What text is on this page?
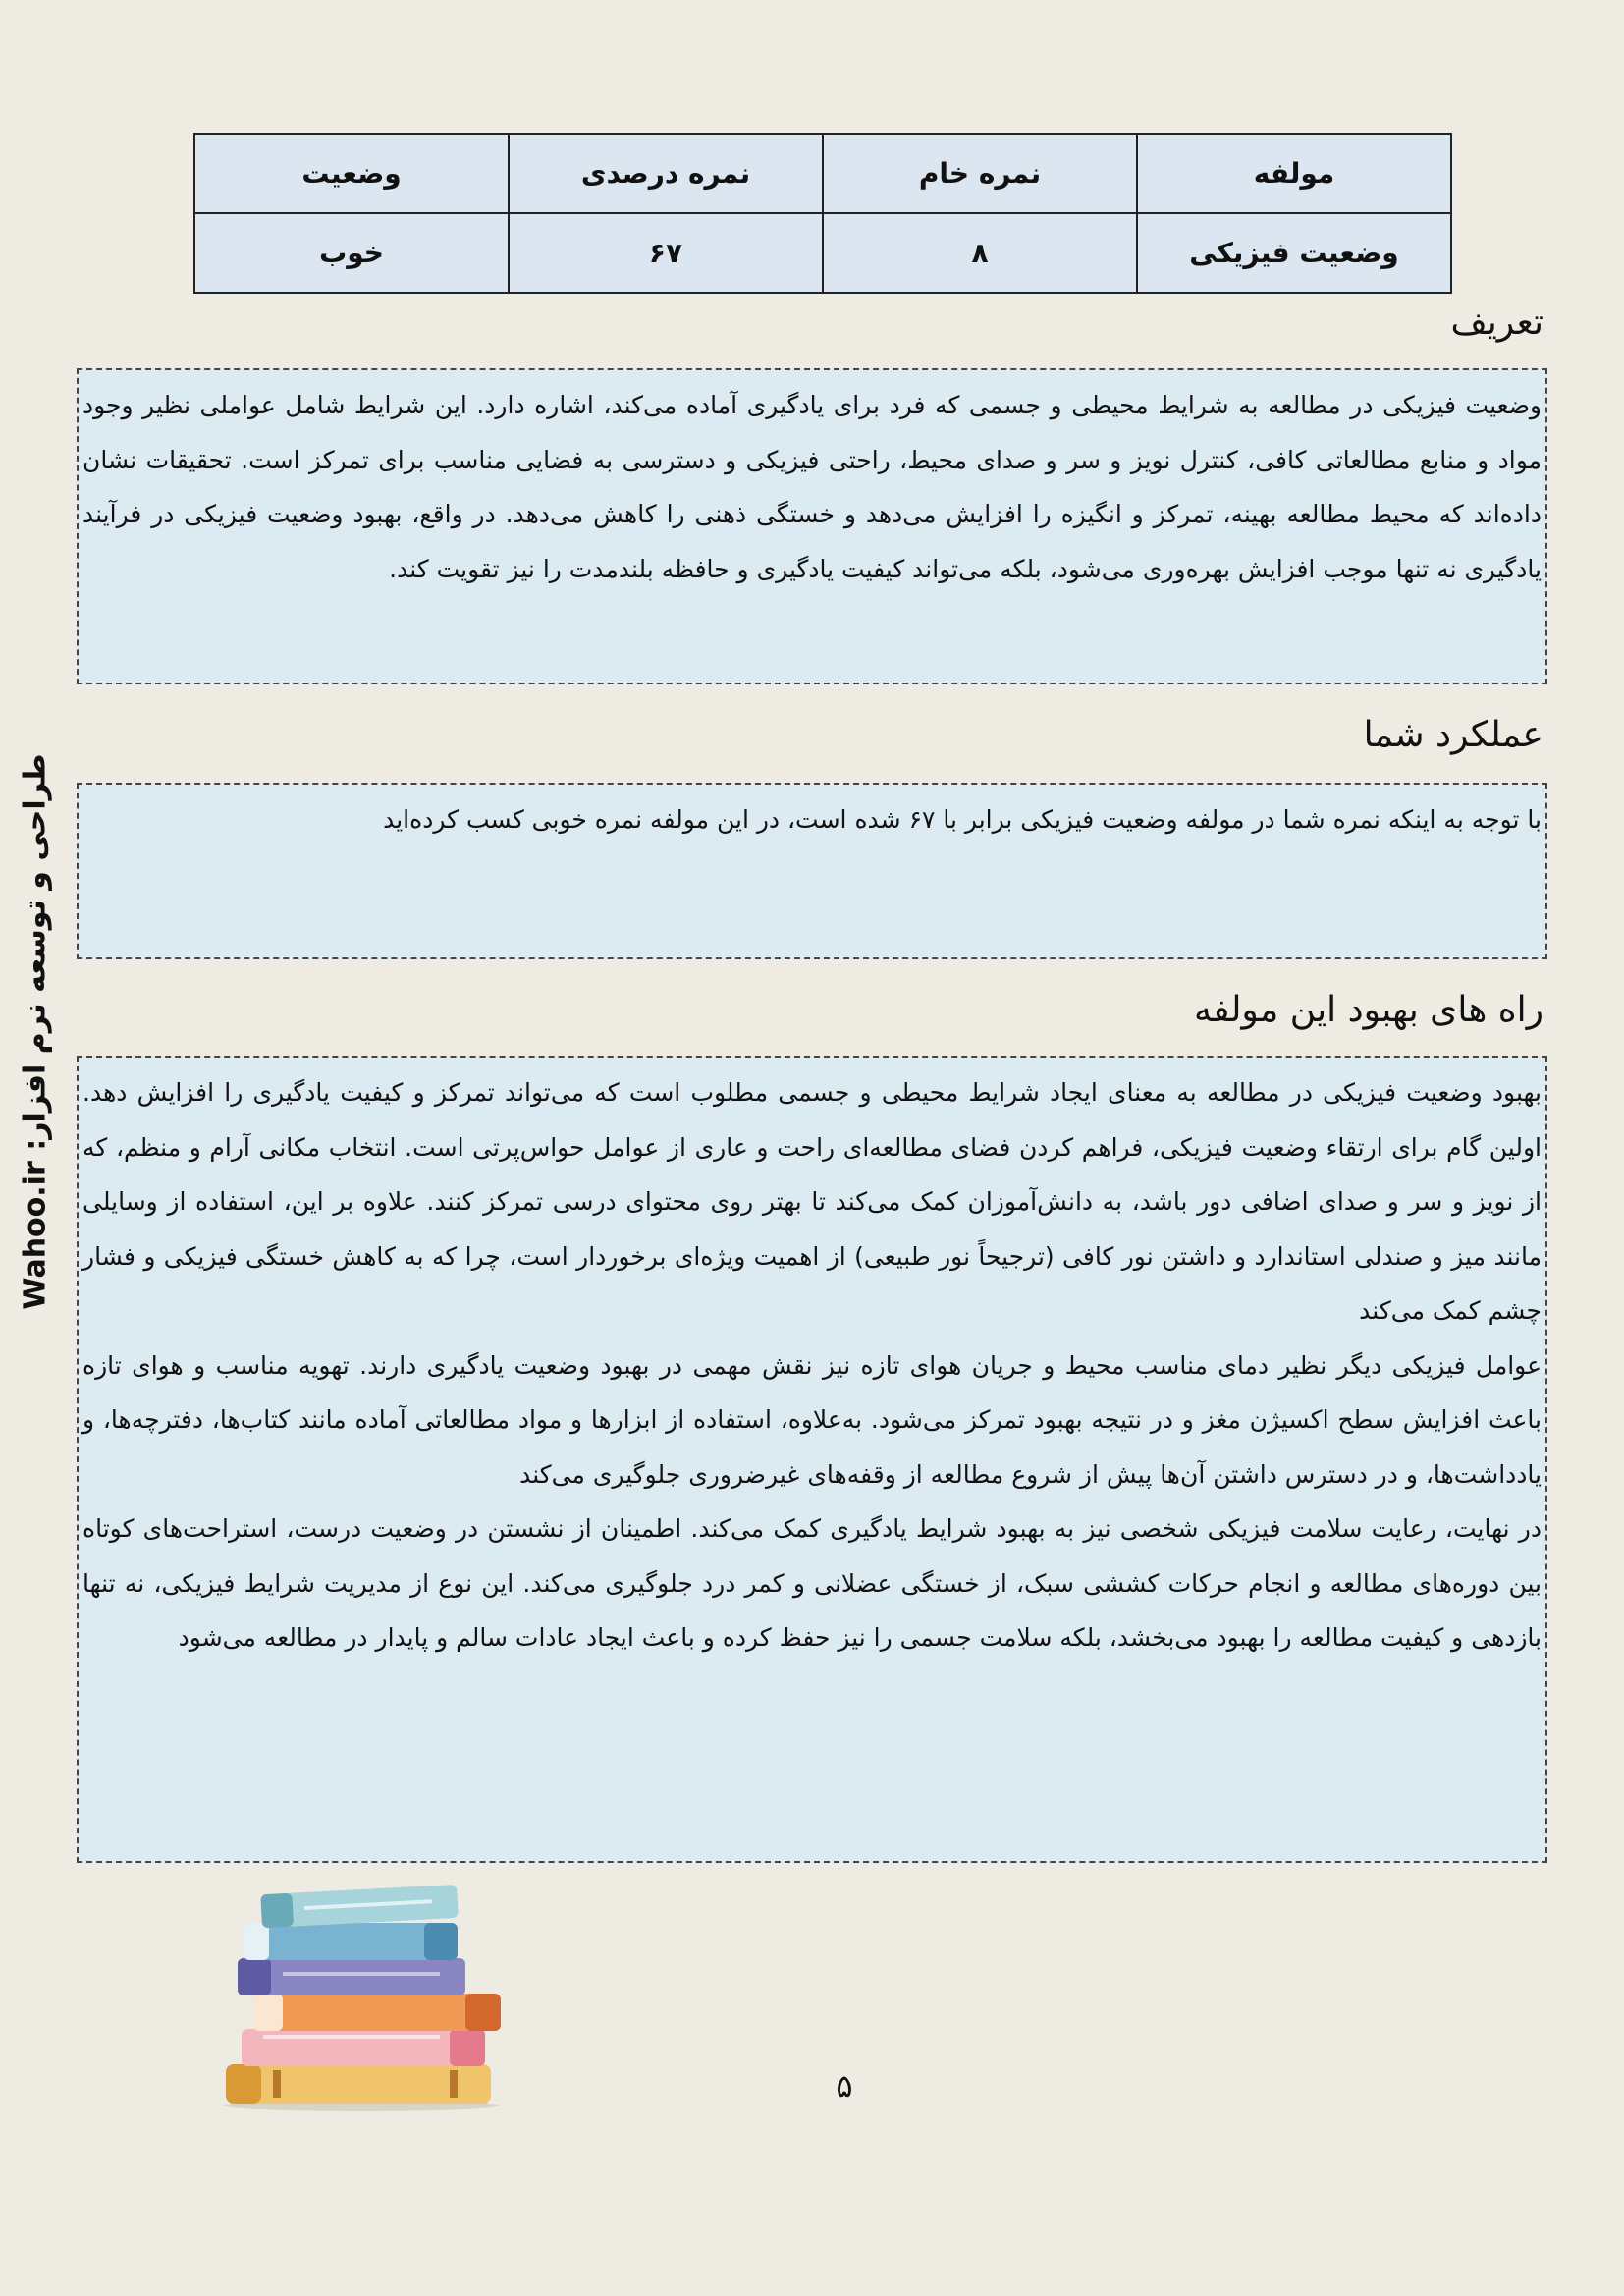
مولفه	نمره خام	نمره درصدی	وضعیت
وضعیت فیزیکی	۸	۶۷	خوب
تعریف

وضعیت فیزیکی در مطالعه به شرایط محیطی و جسمی که فرد برای یادگیری آماده می‌کند، اشاره دارد. این شرایط شامل عواملی نظیر وجود مواد و منابع مطالعاتی کافی، کنترل نویز و سر و صدای محیط، راحتی فیزیکی و دسترسی به فضایی مناسب برای تمرکز است. تحقیقات نشان داده‌اند که محیط مطالعه بهینه، تمرکز و انگیزه را افزایش می‌دهد و خستگی ذهنی را کاهش می‌دهد. در واقع، بهبود وضعیت فیزیکی در فرآیند یادگیری نه تنها موجب افزایش بهره‌وری می‌شود، بلکه می‌تواند کیفیت یادگیری و حافظه بلندمدت را نیز تقویت کند.

عملکرد شما

با توجه به اینکه نمره شما در مولفه وضعیت فیزیکی برابر با ۶۷ شده است، در این مولفه نمره خوبی کسب کرده‌اید

راه های بهبود این مولفه

بهبود وضعیت فیزیکی در مطالعه به معنای ایجاد شرایط محیطی و جسمی مطلوب است که می‌تواند تمرکز و کیفیت یادگیری را افزایش دهد. اولین گام برای ارتقاء وضعیت فیزیکی، فراهم کردن فضای مطالعه‌ای راحت و عاری از عوامل حواس‌پرتی است. انتخاب مکانی آرام و منظم، که از نویز و سر و صدای اضافی دور باشد، به دانش‌آموزان کمک می‌کند تا بهتر روی محتوای درسی تمرکز کنند. علاوه بر این، استفاده از وسایلی مانند میز و صندلی استاندارد و داشتن نور کافی (ترجیحاً نور طبیعی) از اهمیت ویژه‌ای برخوردار است، چرا که به کاهش خستگی فیزیکی و فشار چشم کمک می‌کند

عوامل فیزیکی دیگر نظیر دمای مناسب محیط و جریان هوای تازه نیز نقش مهمی در بهبود وضعیت یادگیری دارند. تهویه مناسب و هوای تازه باعث افزایش سطح اکسیژن مغز و در نتیجه بهبود تمرکز می‌شود. به‌علاوه، استفاده از ابزارها و مواد مطالعاتی آماده مانند کتاب‌ها، دفترچه‌ها، و یادداشت‌ها، و در دسترس داشتن آن‌ها پیش از شروع مطالعه از وقفه‌های غیرضروری جلوگیری می‌کند

در نهایت، رعایت سلامت فیزیکی شخصی نیز به بهبود شرایط یادگیری کمک می‌کند. اطمینان از نشستن در وضعیت درست، استراحت‌های کوتاه بین دوره‌های مطالعه و انجام حرکات کششی سبک، از خستگی عضلانی و کمر درد جلوگیری می‌کند. این نوع از مدیریت شرایط فیزیکی، نه تنها بازدهی و کیفیت مطالعه را بهبود می‌بخشد، بلکه سلامت جسمی را نیز حفظ کرده و باعث ایجاد عادات سالم و پایدار در مطالعه می‌شود

طراحی و توسعه نرم افزار: Wahoo.ir
۵
